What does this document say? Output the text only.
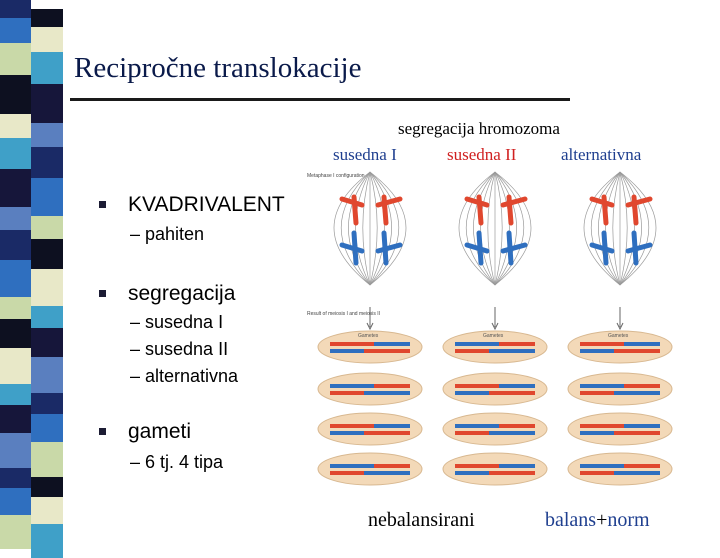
Recipročne translokacije
segregacija hromozoma
susedna I	susedna II	alternativna
KVADRIVALENT
– pahiten
segregacija
– susedna I
– susedna II
– alternativna
gameti
– 6 tj. 4 tipa
Metaphase I configuration
Result of meiosis I and meiosis II
Gametes	Gametes	Gametes
nebalansirani	balans+norm
